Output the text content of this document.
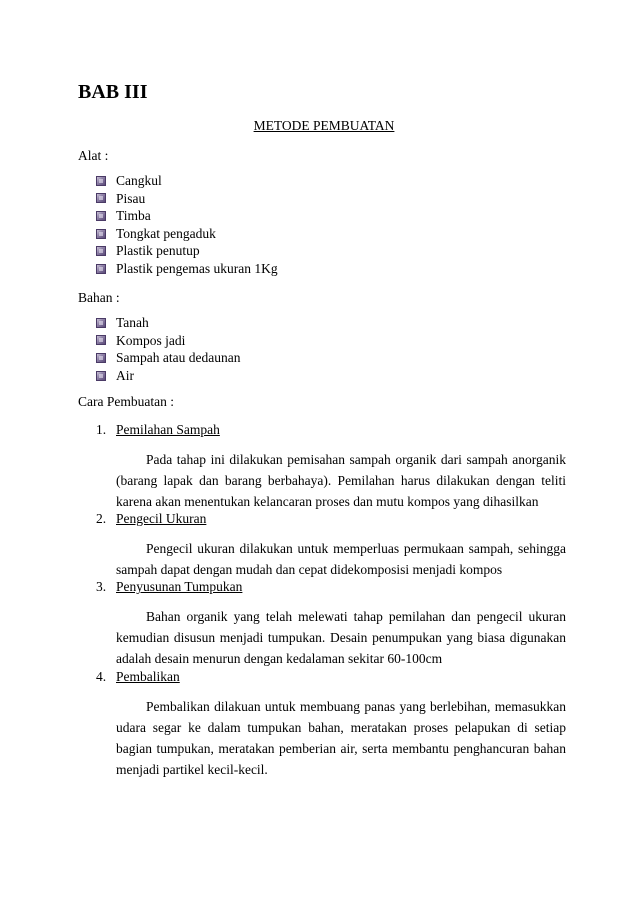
BAB III
METODE PEMBUATAN
Alat :
Cangkul
Pisau
Timba
Tongkat pengaduk
Plastik penutup
Plastik pengemas ukuran 1Kg
Bahan :
Tanah
Kompos jadi
Sampah atau dedaunan
Air
Cara Pembuatan :
1. Pemilahan Sampah
Pada tahap ini dilakukan pemisahan sampah organik dari sampah anorganik (barang lapak dan barang berbahaya). Pemilahan harus dilakukan dengan teliti karena akan menentukan kelancaran proses dan mutu kompos yang dihasilkan
2. Pengecil Ukuran
Pengecil ukuran dilakukan untuk memperluas permukaan sampah, sehingga sampah dapat dengan mudah dan cepat didekomposisi menjadi kompos
3. Penyusunan Tumpukan
Bahan organik yang telah melewati tahap pemilahan dan pengecil ukuran kemudian disusun menjadi tumpukan. Desain penumpukan yang biasa digunakan adalah desain menurun dengan kedalaman sekitar 60-100cm
4. Pembalikan
Pembalikan dilakuan untuk membuang panas yang berlebihan, memasukkan udara segar ke dalam tumpukan bahan, meratakan proses pelapukan di setiap bagian tumpukan, meratakan pemberian air, serta membantu penghancuran bahan menjadi partikel kecil-kecil.
